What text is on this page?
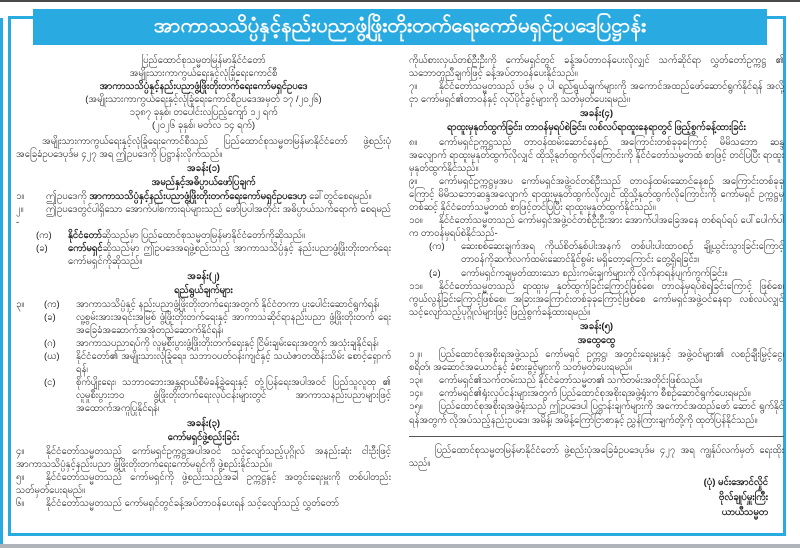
အာကာသသိပ္ပံနှင့်နည်းပညာဖွံ့ဖြိုးတိုးတက်ရေးကော်မရှင်ဥပဒေပြဋ္ဌာန်း
ပြည်ထောင်စုသမ္မတမြန်မာနိုင်ငံတော်
အမျိုးသားကာကွယ်ရေးနှင့်လုံခြုံရေးကောင်စီ
အာကာသသိပ္ပံနှင့်နည်းပညာဖွံ့ဖြိုးတိုးတက်ရေးကော်မရှင်ဥပဒေ
(အမျိုးသားကာကွယ်ရေးနှင့်လုံခြုံရေးကောင်စီဥပဒေအမှတ် ၁၇ /၂၀၂၆)
၁၃၈၇ ခုနှစ်၊ တပေါင်းလပြည့်ကျော် ၁၂ ရက်
(၂၀၂၆ ခုနှစ်၊ မတ်လ ၁၄ ရက်)

အမျိုးသားကာကွယ်ရေးနှင့်လုံခြုံရေးကောင်စီသည် ပြည်ထောင်စုသမ္မတမြန်မာနိုင်ငံတော် ဖွဲ့စည်းပုံအခြေခံဥပဒေပုဒ်မ ၄၂၇ အရ ဤဥပဒေကို ပြဋ္ဌာန်းလိုက်သည်။

အခန်း(၁)
အမည်နှင့်အဓိပ္ပာယ်ဖော်ပြချက်

၁။ ဤဥပဒေကို အာကာသသိပ္ပံနှင့်နည်းပညာဖွံ့ဖြိုးတိုးတက်ရေးကော်မရှင်ဥပဒေဟု ခေါ်တွင်စေရမည်။

၂။ ဤဥပဒေတွင်ပါရှိသော အောက်ပါစကားရပ်များသည် ဖော်ပြပါအတိုင်း အဓိပ္ပာယ်သက်ရောက် စေရမည် -

(က)	နိုင်ငံတော်ဆိုသည်မှာ ပြည်ထောင်စုသမ္မတမြန်မာနိုင်ငံတော်ကိုဆိုသည်။
(ခ)	ကော်မရှင်ဆိုသည်မှာ ဤဥပဒေအရဖွဲ့စည်းသည့် အာကာသသိပ္ပံနှင့် နည်းပညာဖွံ့ဖြိုးတိုးတက်ရေးကော်မရှင်ကိုဆိုသည်။
အခန်း(၂)
ရည်ရွယ်ချက်များ
၃။	(က)	အာကာသသိပ္ပံနှင့် နည်းပညာဖွံ့ဖြိုးတိုးတက်ရေးအတွက် နိုင်ငံတကာ ပူးပေါင်းဆောင်ရွက်ရန်၊
(ခ)	လူ့စွမ်းအားအရင်းအမြစ် ဖွံ့ဖြိုးတိုးတက်ရေးနှင့် အာကာသဆိုင်ရာနည်းပညာ ဖွံ့ဖြိုးတိုးတက် ရေး အခြေခံအဆောက်အအုံတည်ဆောက်နိုင်ရန်၊
(ဂ)	အာကာသပညာရပ်ကို လူမှုစီးပွားဖွံ့ဖြိုးတိုးတက်ရေးနှင့် ငြိမ်းချမ်းရေးအတွက် အသုံးချနိုင်ရန်၊
(ဃ)	နိုင်ငံတော်၏ အမျိုးသားလုံခြုံရေး၊ သဘာဝပတ်ဝန်းကျင်နှင့် သယံဇာတထိန်းသိမ်း စောင့်ရှောက်ရန်၊
(င)	စိုက်ပျိုးရေး၊ သဘာဝဘေးအန္တရာယ်စီမံခန့်ခွဲရေးနှင့် တုံ့ပြန်ရေးအပါအဝင် ပြည်သူလူထု ၏ လူမှုစီးပွားဘဝ ဖွံ့ဖြိုးတိုးတက်ရေးလုပ်ငန်းများတွင် အာကာသနည်းပညာများဖြင့် အထောက်အကူပြုနိုင်ရန်၊
အခန်း(၃)
ကော်မရှင်ဖွဲ့စည်းခြင်း

၄။ နိုင်ငံတော်သမ္မတသည် ကော်မရှင်ဥက္ကဋ္ဌအပါအဝင် သင့်လျော်သည့်ပုဂ္ဂိုလ် အနည်းဆုံး ငါးဦးဖြင့် အာကာသသိပ္ပံနှင့်နည်းပညာ ဖွံ့ဖြိုးတိုးတက်ရေးကော်မရှင်ကို ဖွဲ့စည်းနိုင်သည်။

၅။ နိုင်ငံတော်သမ္မတသည် ကော်မရှင်ကို ဖွဲ့စည်းသည့်အခါ ဥက္ကဋ္ဌနှင့် အတွင်းရေးမှူးကို တစ်ပါတည်း သတ်မှတ်ပေးရမည်။

၆။ နိုင်ငံတော်သမ္မတသည် ကော်မရှင်တွင်ခန့်အပ်တာဝန်ပေးရန် သင့်လျော်သည့် လွှတ်တော်

ကိုယ်စားလှယ်တစ်ဦးဦးကို ကော်မရှင်တွင် ခန့်အပ်တာဝန်ပေးလိုလျှင် သက်ဆိုင်ရာ လွှတ်တော်ဥက္ကဋ္ဌ ၏ သဘောတူညီချက်ဖြင့် ခန့်အပ်တာဝန်ပေးနိုင်သည်။

၇။ နိုင်ငံတော်သမ္မတသည် ပုဒ်မ ၃ ပါ ရည်ရွယ်ချက်များကို အကောင်အထည်ဖော်ဆောင်ရွက်နိုင်ရန် အလို့ငှာ ကော်မရှင်၏တာဝန်နှင့် လုပ်ပိုင်ခွင့်များကို သတ်မှတ်ပေးရမည်။

အခန်း(၄)
ရာထူးမှနုတ်ထွက်ခြင်း၊ တာဝန်မှရပ်စဲခြင်း၊ လစ်လပ်ရာထူးနေရာတွင် ဖြည့်စွက်ခန့်ထားခြင်း

၈။ ကော်မရှင်ဥက္ကဋ္ဌသည် တာဝန်ထမ်းဆောင်နေစဉ် အကြောင်းတစ်ခုခုကြောင့် မိမိသဘော ဆန္ဒ အလျောက် ရာထူးမှနုတ်ထွက်လိုလျှင် ထိုသို့နုတ်ထွက်လိုကြောင်းကို နိုင်ငံတော်သမ္မတထံ စာဖြင့် တင်ပြပြီး ရာထူးမှနုတ်ထွက်နိုင်သည်။

၉။ ကော်မရှင်ဥက္ကဋ္ဌမှအပ ကော်မရှင်အဖွဲ့ဝင်တစ်ဦးသည် တာဝန်ထမ်းဆောင်နေစဉ် အကြောင်းတစ်ခုခု ကြောင့် မိမိသဘောဆန္ဒအလျောက် ရာထူးမှနုတ်ထွက်လိုလျှင် ထိုသို့နုတ်ထွက်လိုကြောင်းကို ကော်မရှင် ဥက္ကဋ္ဌမှတစ်ဆင့် နိုင်ငံတော်သမ္မတထံ စာဖြင့်တင်ပြပြီး ရာထူးမှနုတ်ထွက်နိုင်သည်။

၁၀။ နိုင်ငံတော်သမ္မတသည် ကော်မရှင်အဖွဲ့ဝင်တစ်ဦးဦးအား အောက်ပါအခြေအနေ တစ်ရပ်ရပ် ပေါ်ပေါက်ပါက တာဝန်မှရပ်စဲနိုင်သည်-

(က)	ဆေးစစ်ဆေးချက်အရ ကိုယ်စိတ်နှစ်ပါးအနက် တစ်ပါးပါးထာဝစဉ် ချို့ယွင်းသွားခြင်းကြောင့် တာဝန်ကိုဆက်လက်ထမ်းဆောင်နိုင်စွမ်း မရှိတော့ကြောင်း တွေ့ရှိရခြင်း။
(ခ)	ကော်မရှင်ကချမှတ်ထားသော စည်းကမ်းချက်များကို လိုက်နာရန်ပျက်ကွက်ခြင်း။

၁၁။ နိုင်ငံတော်သမ္မတသည် ရာထူးမှ နုတ်ထွက်ခြင်းကြောင့်ဖြစ်စေ၊ တာဝန်မှရပ်စဲရခြင်းကြောင့် ဖြစ်စေ၊ ကွယ်လွန်ခြင်းကြောင့်ဖြစ်စေ၊ အခြားအကြောင်းတစ်ခုခုကြောင့်ဖြစ်စေ ကော်မရှင်အဖွဲ့ဝင်နေရာ လစ်လပ်လျှင် သင့်လျော်သည့်ပုဂ္ဂိုလ်များဖြင့် ဖြည့်စွက်ခန့်ထားရမည်။

အခန်း(၅)
အထွေထွေ

၁၂။ ပြည်ထောင်စုအစိုးရအဖွဲ့သည် ကော်မရှင် ဥက္ကဋ္ဌ၊ အတွင်းရေးမှူးနှင့် အဖွဲ့ဝင်များ၏ လစဉ်ချီးမြှင့်ငွေ၊ စရိတ်၊ အဆောင်အယောင်နှင့် ခံစားခွင့်များကို သတ်မှတ်ပေးရမည်။

၁၃။ ကော်မရှင်၏သက်တမ်းသည် နိုင်ငံတော်သမ္မတ၏ သက်တမ်းအတိုင်းဖြစ်သည်။

၁၄။ ကော်မရှင်၏ရုံးလုပ်ငန်းများအတွက် ပြည်ထောင်စုအစိုးရအဖွဲ့ရုံးက စီစဉ်ဆောင်ရွက်ပေးရမည်။

၁၅။ ပြည်ထောင်စုအစိုးရအဖွဲ့ရုံးသည် ဤဥပဒေပါ ပြဋ္ဌာန်းချက်များကို အကောင်အထည်ဖော် ဆောင် ရွက်နိုင်ရန်အတွက် လိုအပ်သည့်နည်းဥပဒေ၊ အမိန့်၊ အမိန့်ကြော်ငြာစာနှင့် ညွှန်ကြားချက်တို့ကို ထုတ်ပြန်နိုင်သည်။

ပြည်ထောင်စုသမ္မတမြန်မာနိုင်ငံတော် ဖွဲ့စည်းပုံအခြေခံဥပဒေပုဒ်မ ၄၂၇ အရ ကျွန်ုပ်လက်မှတ် ရေးထိုးသည်။

(ပုံ) မင်းအောင်လှိုင်
ဗိုလ်ချုပ်မှူးကြီး
ယာယီသမ္မတ
